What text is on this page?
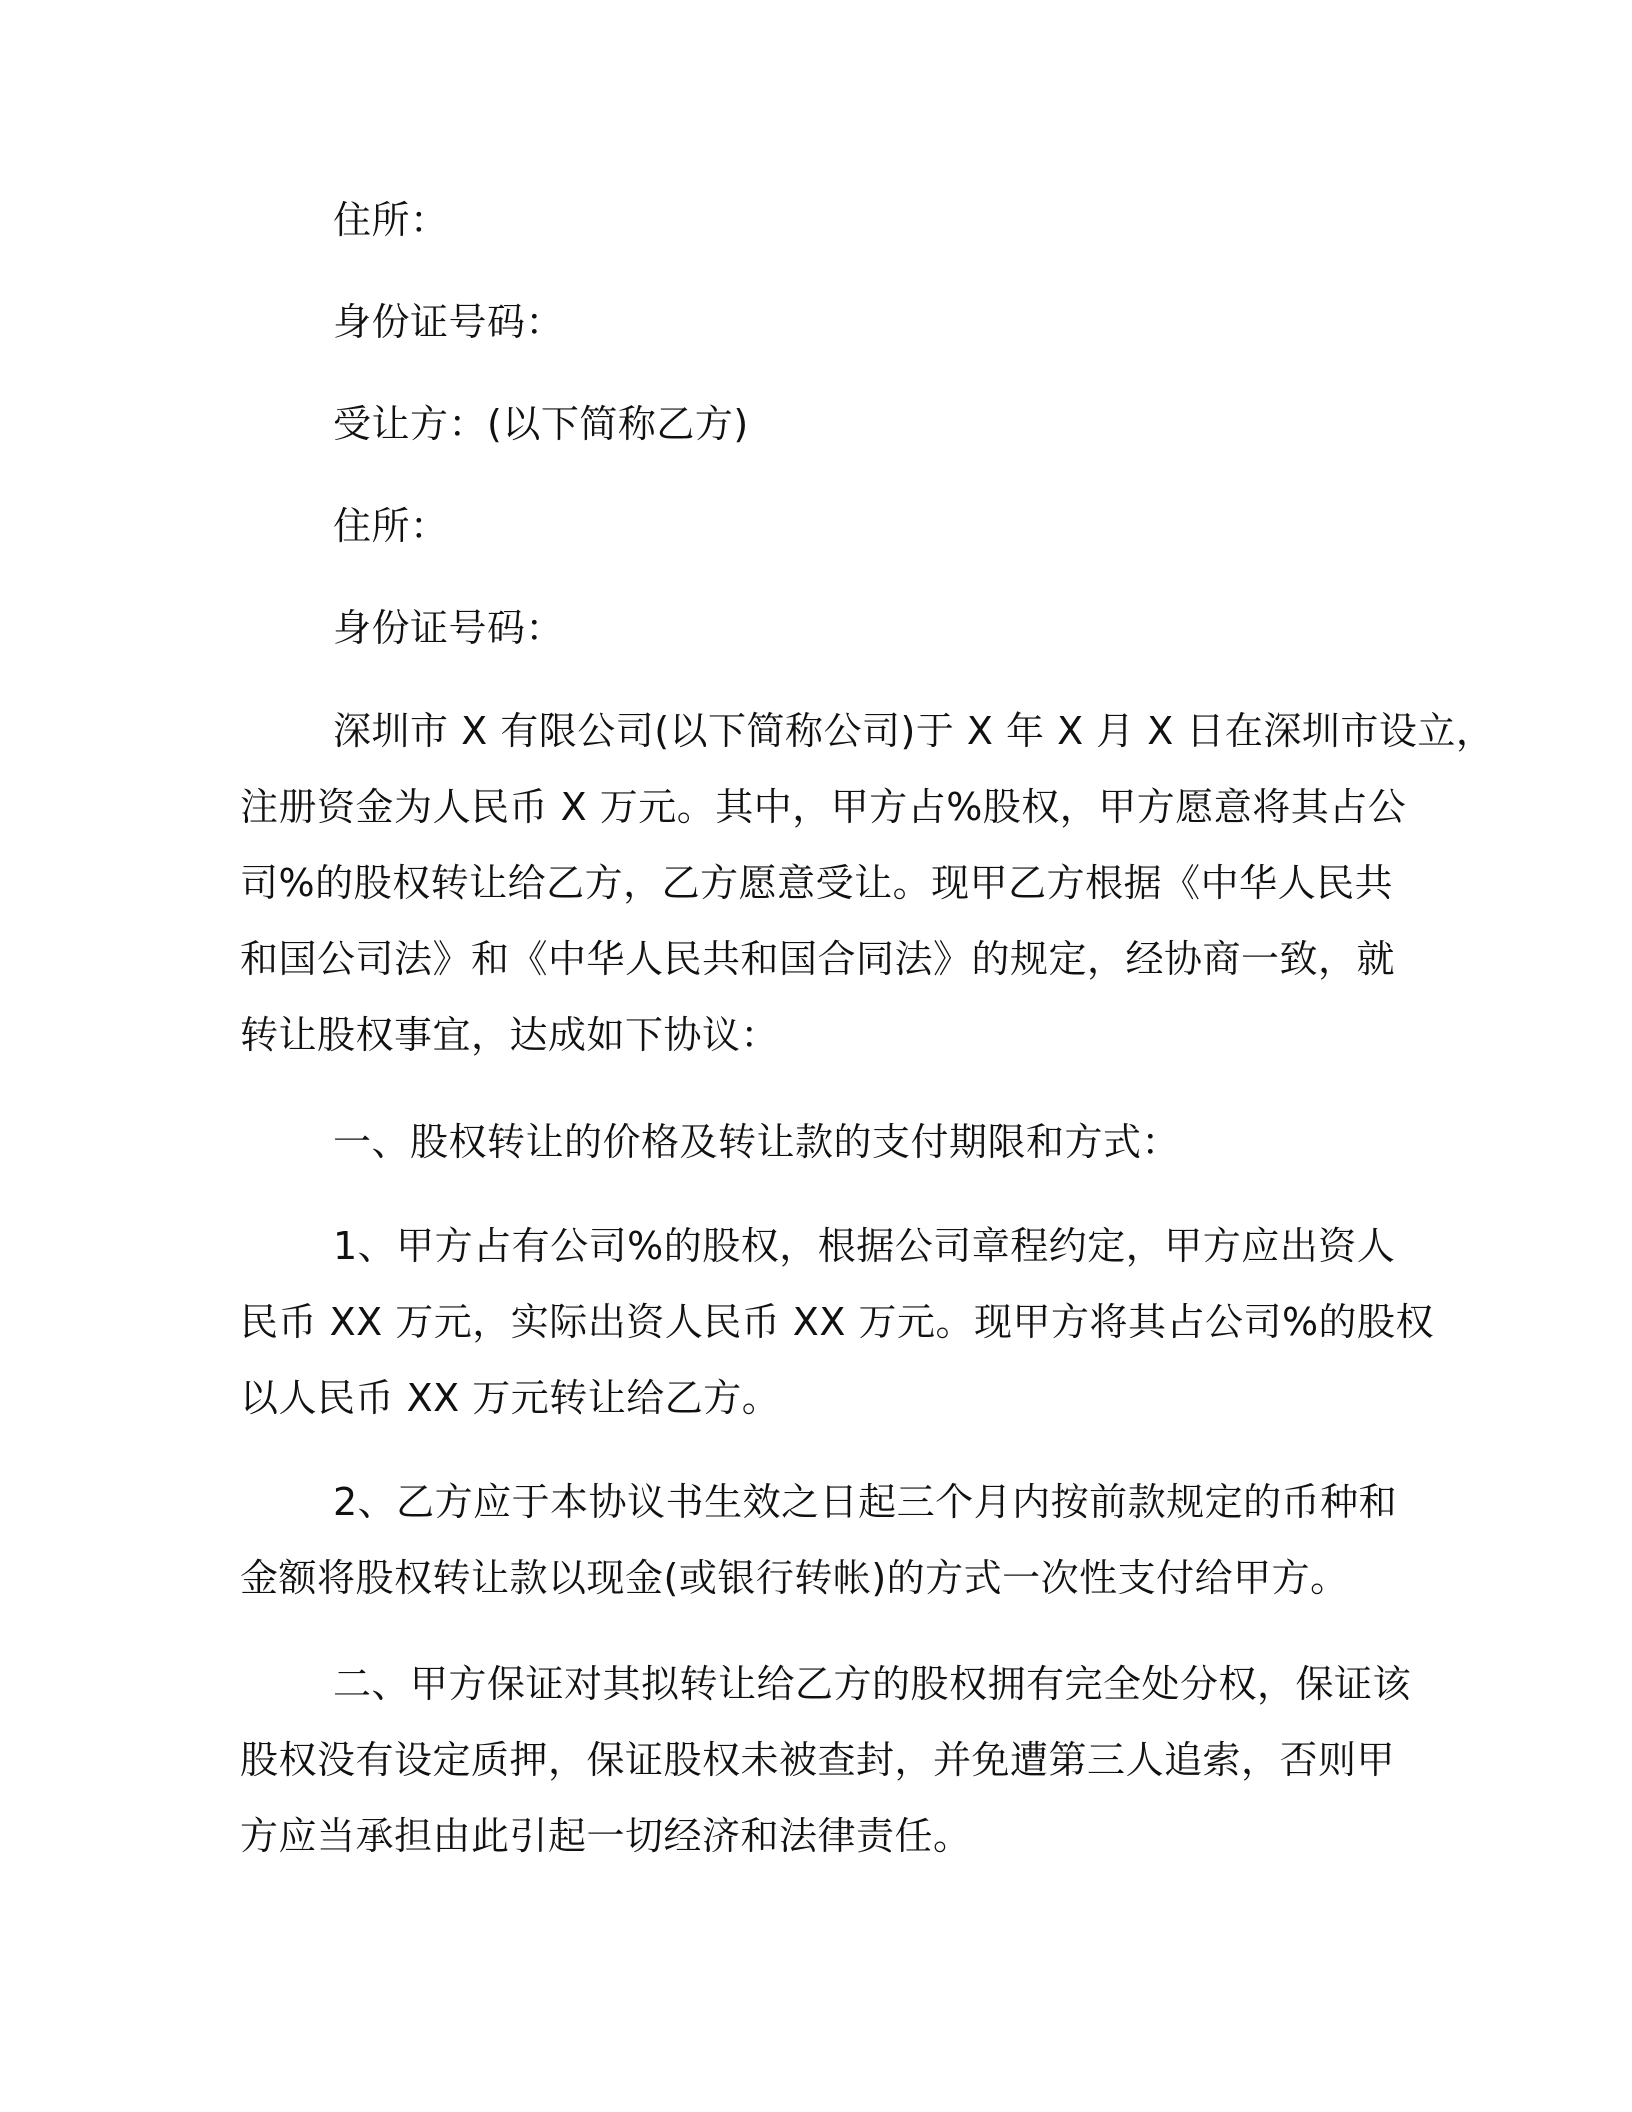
住所：
身份证号码：
受让方：(以下简称乙方)
住所：
身份证号码：
深圳市 X 有限公司(以下简称公司)于 X 年 X 月 X 日在深圳市设立，
注册资金为人民币 X 万元。其中，甲方占%股权，甲方愿意将其占公
司%的股权转让给乙方，乙方愿意受让。现甲乙方根据《中华人民共
和国公司法》和《中华人民共和国合同法》的规定，经协商一致，就
转让股权事宜，达成如下协议：
一、股权转让的价格及转让款的支付期限和方式：
1、甲方占有公司%的股权，根据公司章程约定，甲方应出资人
民币 XX 万元，实际出资人民币 XX 万元。现甲方将其占公司%的股权
以人民币 XX 万元转让给乙方。
2、乙方应于本协议书生效之日起三个月内按前款规定的币种和
金额将股权转让款以现金(或银行转帐)的方式一次性支付给甲方。
二、甲方保证对其拟转让给乙方的股权拥有完全处分权，保证该
股权没有设定质押，保证股权未被查封，并免遭第三人追索，否则甲
方应当承担由此引起一切经济和法律责任。
